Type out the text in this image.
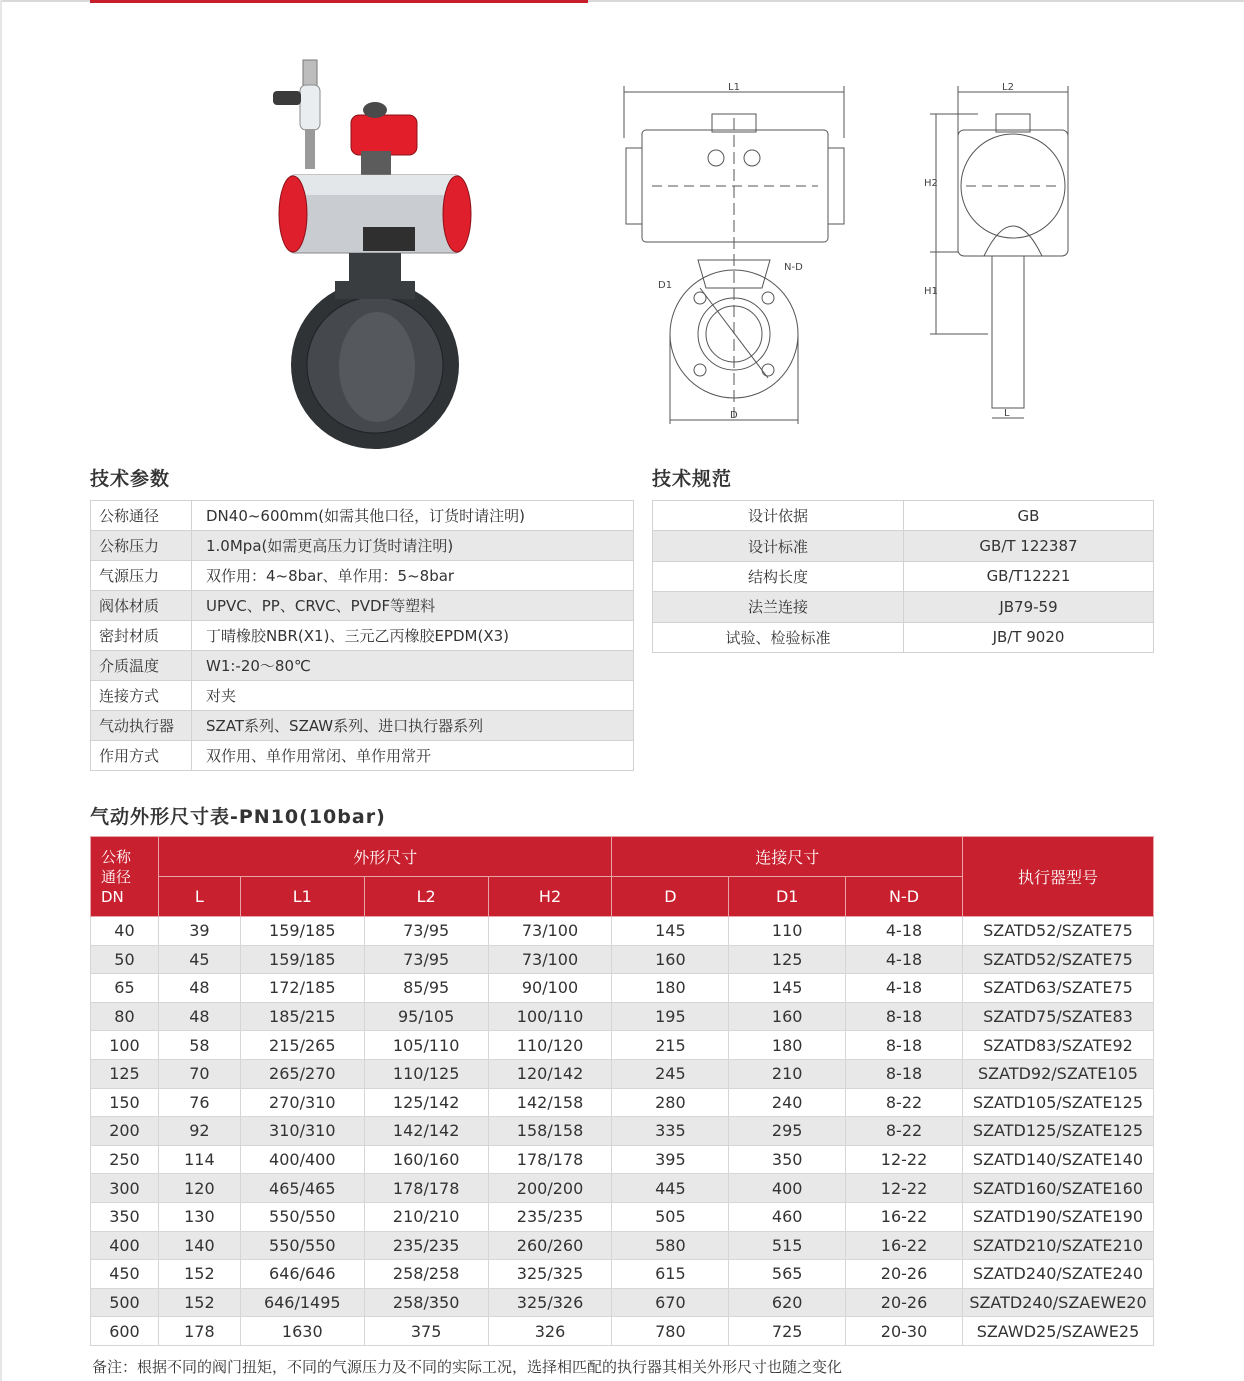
L1
D1
N-D
D
L2
H2
H1
L
技术参数	技术规范
气动外形尺寸表-PN10(10bar)
公称通径	DN40~600mm(如需其他口径，订货时请注明)
公称压力	1.0Mpa(如需更高压力订货时请注明)
气源压力	双作用：4~8bar、单作用：5~8bar
阀体材质	UPVC、PP、CRVC、PVDF等塑料
密封材质	丁晴橡胶NBR(X1)、三元乙丙橡胶EPDM(X3)
介质温度	W1:-20～80℃
连接方式	对夹
气动执行器	SZAT系列、SZAW系列、进口执行器系列
作用方式	双作用、单作用常闭、单作用常开
设计依据	GB
设计标准	GB/T 122387
结构长度	GB/T12221
法兰连接	JB79-59
试验、检验标准	JB/T 9020
公称
通径
DN	外形尺寸				连接尺寸			执行器型号
	L	L1	L2	H2	D	D1	N-D	
40	39	159/185	73/95	73/100	145	110	4-18	SZATD52/SZATE75
50	45	159/185	73/95	73/100	160	125	4-18	SZATD52/SZATE75
65	48	172/185	85/95	90/100	180	145	4-18	SZATD63/SZATE75
80	48	185/215	95/105	100/110	195	160	8-18	SZATD75/SZATE83
100	58	215/265	105/110	110/120	215	180	8-18	SZATD83/SZATE92
125	70	265/270	110/125	120/142	245	210	8-18	SZATD92/SZATE105
150	76	270/310	125/142	142/158	280	240	8-22	SZATD105/SZATE125
200	92	310/310	142/142	158/158	335	295	8-22	SZATD125/SZATE125
250	114	400/400	160/160	178/178	395	350	12-22	SZATD140/SZATE140
300	120	465/465	178/178	200/200	445	400	12-22	SZATD160/SZATE160
350	130	550/550	210/210	235/235	505	460	16-22	SZATD190/SZATE190
400	140	550/550	235/235	260/260	580	515	16-22	SZATD210/SZATE210
450	152	646/646	258/258	325/325	615	565	20-26	SZATD240/SZATE240
500	152	646/1495	258/350	325/326	670	620	20-26	SZATD240/SZAEWE20
600	178	1630	375	326	780	725	20-30	SZAWD25/SZAWE25
备注：根据不同的阀门扭矩，不同的气源压力及不同的实际工况，选择相匹配的执行器其相关外形尺寸也随之变化
